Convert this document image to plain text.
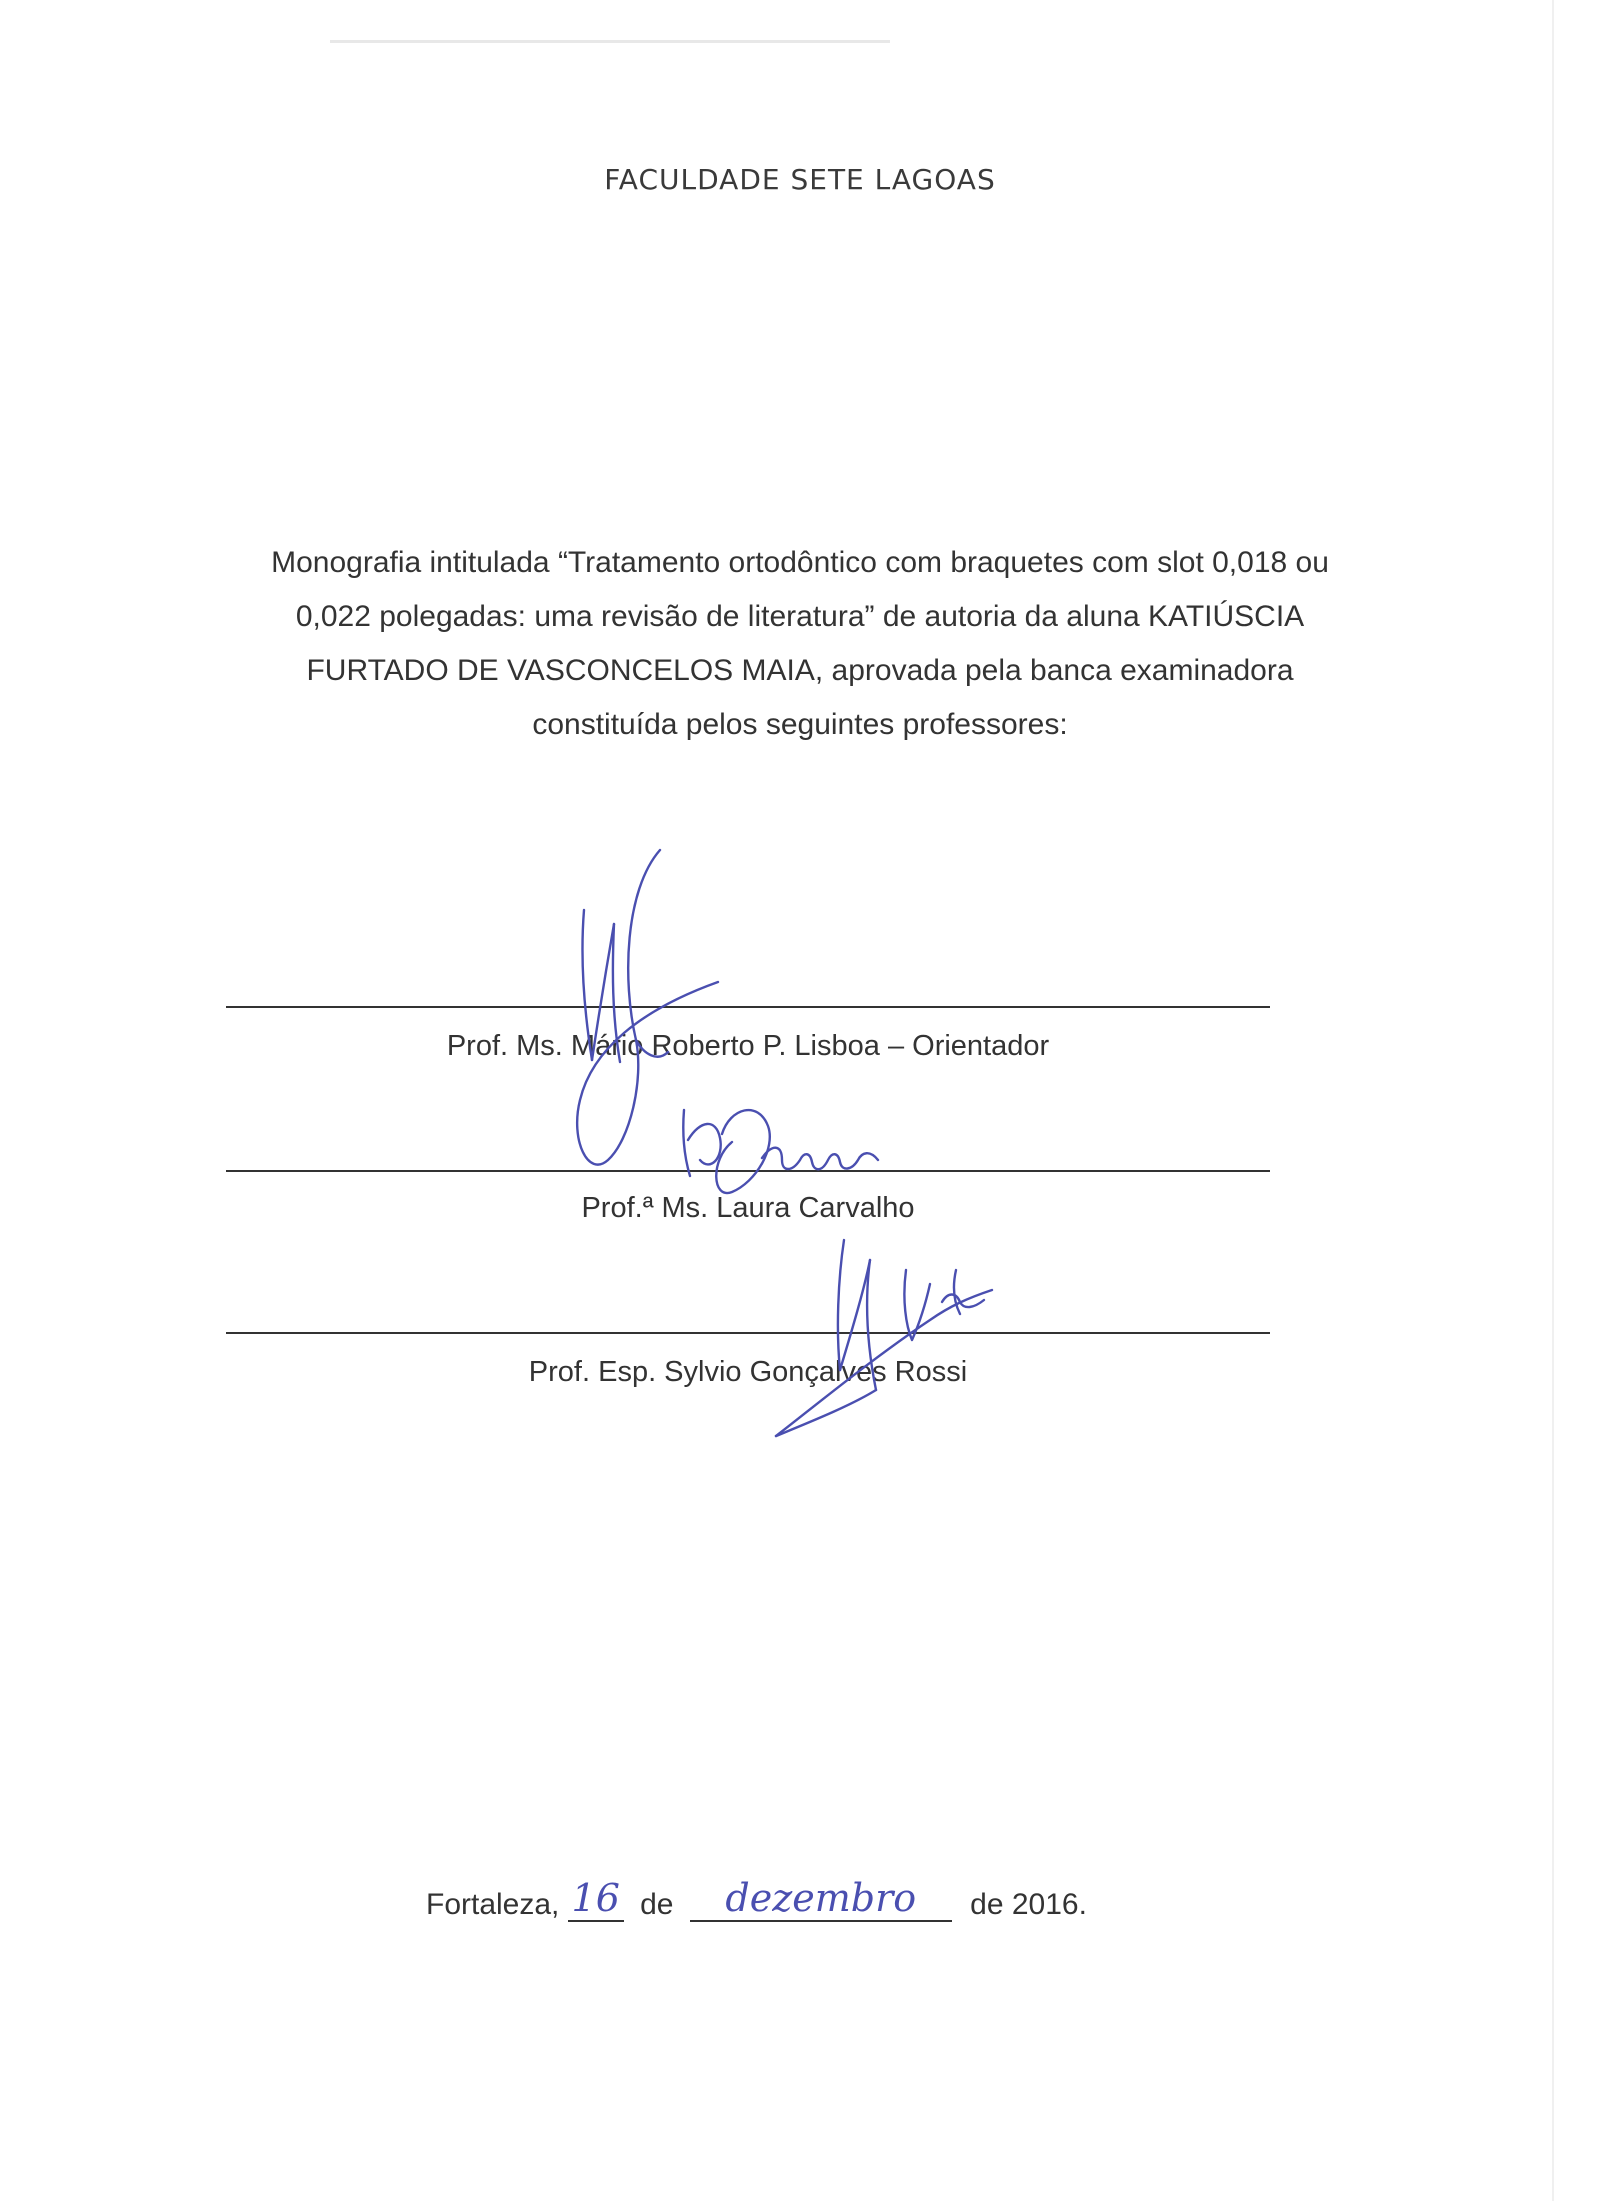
FACULDADE SETE LAGOAS
Monografia intitulada “Tratamento ortodôntico com braquetes com slot 0,018 ou
0,022 polegadas: uma revisão de literatura” de autoria da aluna KATIÚSCIA
FURTADO DE VASCONCELOS MAIA, aprovada pela banca examinadora
constituída pelos seguintes professores:
Prof. Ms. Mário Roberto P. Lisboa – Orientador
Prof.ª Ms. Laura Carvalho
Prof. Esp. Sylvio Gonçalves Rossi
Fortaleza, 16 de dezembro de 2016.
